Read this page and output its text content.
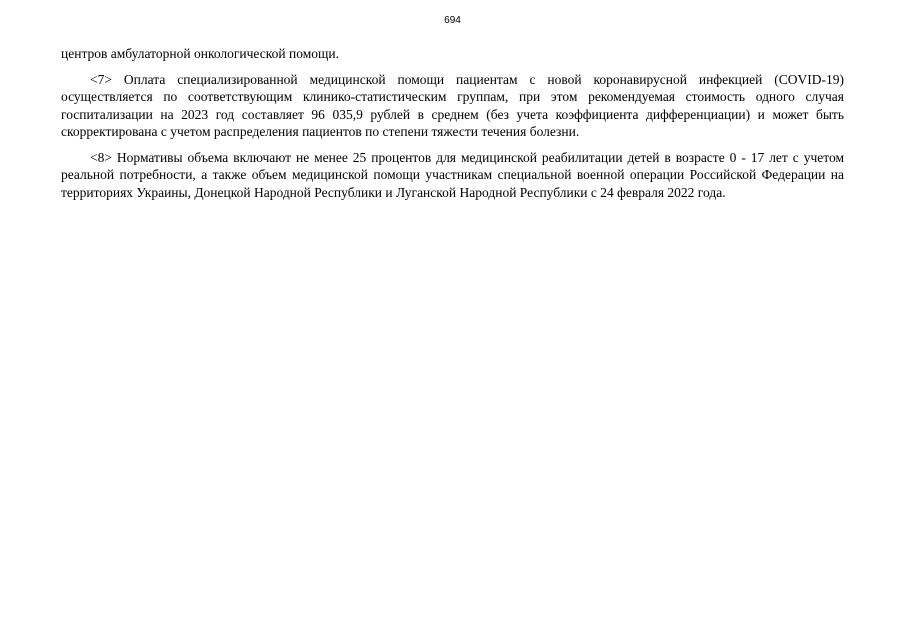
694

центров амбулаторной онкологической помощи.

<7> Оплата специализированной медицинской помощи пациентам с новой коронавирусной инфекцией (COVID-19) осуществляется по соответствующим клинико-статистическим группам, при этом рекомендуемая стоимость одного случая госпитализации на 2023 год составляет 96 035,9 рублей в среднем (без учета коэффициента дифференциации) и может быть скорректирована с учетом распределения пациентов по степени тяжести течения болезни.

<8> Нормативы объема включают не менее 25 процентов для медицинской реабилитации детей в возрасте 0 - 17 лет с учетом реальной потребности, а также объем медицинской помощи участникам специальной военной операции Российской Федерации на территориях Украины, Донецкой Народной Республики и Луганской Народной Республики с 24 февраля 2022 года.
